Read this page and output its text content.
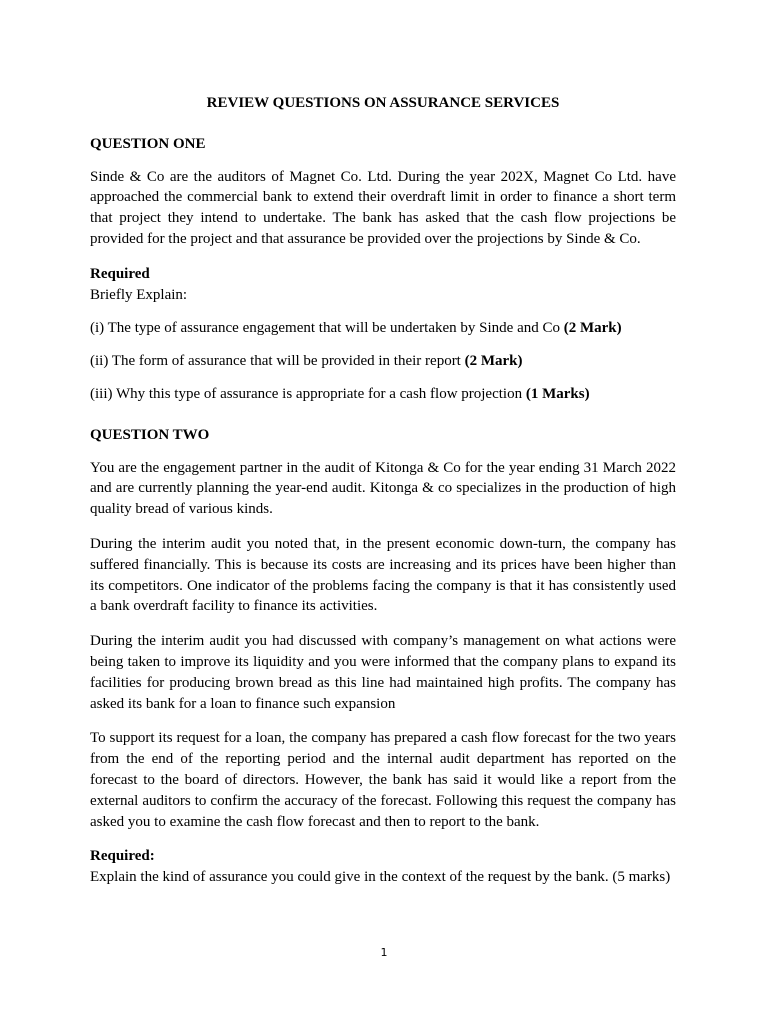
REVIEW QUESTIONS ON ASSURANCE SERVICES
QUESTION ONE

Sinde & Co are the auditors of Magnet Co. Ltd. During the year 202X, Magnet Co Ltd. have approached the commercial bank to extend their overdraft limit in order to finance a short term that project they intend to undertake. The bank has asked that the cash flow projections be provided for the project and that assurance be provided over the projections by Sinde & Co.

Required
Briefly Explain:
(i) The type of assurance engagement that will be undertaken by Sinde and Co (2 Mark)
(ii) The form of assurance that will be provided in their report (2 Mark)
(iii) Why this type of assurance is appropriate for a cash flow projection (1 Marks)
QUESTION TWO

You are the engagement partner in the audit of Kitonga & Co for the year ending 31 March 2022 and are currently planning the year-end audit. Kitonga & co specializes in the production of high quality bread of various kinds.

During the interim audit you noted that, in the present economic down-turn, the company has suffered financially. This is because its costs are increasing and its prices have been higher than its competitors. One indicator of the problems facing the company is that it has consistently used a bank overdraft facility to finance its activities.

During the interim audit you had discussed with company’s management on what actions were being taken to improve its liquidity and you were informed that the company plans to expand its facilities for producing brown bread as this line had maintained high profits. The company has asked its bank for a loan to finance such expansion

To support its request for a loan, the company has prepared a cash flow forecast for the two years from the end of the reporting period and the internal audit department has reported on the forecast to the board of directors. However, the bank has said it would like a report from the external auditors to confirm the accuracy of the forecast. Following this request the company has asked you to examine the cash flow forecast and then to report to the bank.

Required:
Explain the kind of assurance you could give in the context of the request by the bank. (5 marks)
1
